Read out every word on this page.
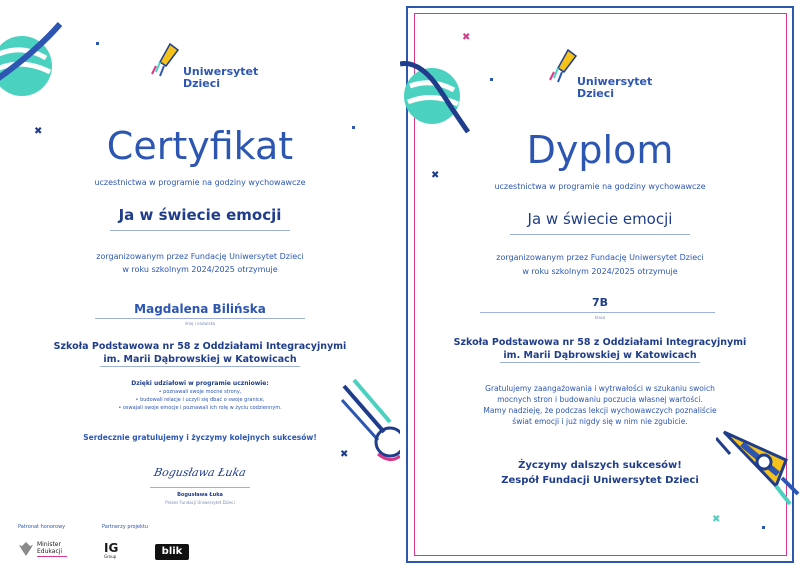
✖
Uniwersytet
Dzieci
Certyfikat
uczestnictwa w programie na godziny wychowawcze
Ja w świecie emocji
zorganizowanym przez Fundację Uniwersytet Dzieci
w roku szkolnym 2024/2025 otrzymuje
Magdalena Bilińska
imię i nazwisko
Szkoła Podstawowa nr 58 z Oddziałami Integracyjnymi
im. Marii Dąbrowskiej w Katowicach
Dzięki udziałowi w programie uczniowie:
• poznawali swoje mocne strony,
• budowali relacje i uczyli się dbać o swoje granice,
• oswajali swoje emocje i poznawali ich rolę w życiu codziennym.
Serdecznie gratulujemy i życzymy kolejnych sukcesów!
Bogusława Łuka
Bogusława Łuka
Prezes Fundacji Uniwersytet Dzieci
Patronat honorowy
Minister
Edukacji
Partnerzy projektu
IG
Group	blik
✖
✖
✖
✖
Uniwersytet
Dzieci
Dyplom
uczestnictwa w programie na godziny wychowawcze
Ja w świecie emocji
zorganizowanym przez Fundację Uniwersytet Dzieci
w roku szkolnym 2024/2025 otrzymuje
7B
klasa
Szkoła Podstawowa nr 58 z Oddziałami Integracyjnymi
im. Marii Dąbrowskiej w Katowicach
Gratulujemy zaangażowania i wytrwałości w szukaniu swoich
mocnych stron i budowaniu poczucia własnej wartości.
Mamy nadzieję, że podczas lekcji wychowawczych poznaliście
świat emocji i już nigdy się w nim nie zgubicie.
Życzymy dalszych sukcesów!
Zespół Fundacji Uniwersytet Dzieci
